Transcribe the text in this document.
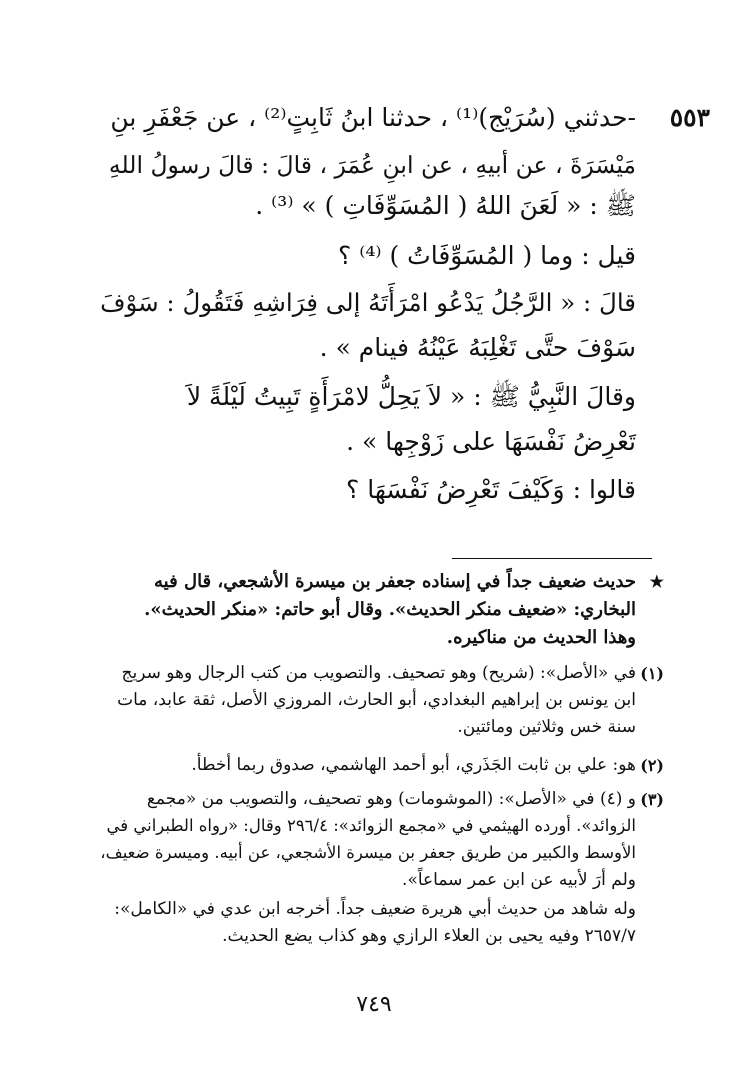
٥٥٣
-حدثني (سُرَيْج)⁽¹⁾ ، حدثنا ابنُ ثَابِتٍ⁽²⁾ ، عن جَعْفَرِ بنِ
مَيْسَرَةَ ، عن أبيهِ ، عن ابنِ عُمَرَ ، قالَ : قالَ رسولُ اللهِ
ﷺ : « لَعَنَ اللهُ ( المُسَوِّفَاتِ ) » ⁽³⁾ .
قيل : وما ( المُسَوِّفَاتُ ) ⁽⁴⁾ ؟
قالَ : « الرَّجُلُ يَدْعُو امْرَأَتَهُ إلى فِرَاشِهِ فَتَقُولُ : سَوْفَ
سَوْفَ حتَّى تَغْلِبَهُ عَيْنُهُ فينام » .
وقالَ النَّبِيُّ ﷺ : « لاَ يَحِلُّ لامْرَأَةٍ تَبِيتُ لَيْلَةً لاَ
تَعْرِضُ نَفْسَهَا على زَوْجِها » .
قالوا : وَكَيْفَ تَعْرِضُ نَفْسَهَا ؟
★
حديث ضعيف جداً في إسناده جعفر بن ميسرة الأشجعي، قال فيه
البخاري: «ضعيف منكر الحديث». وقال أبو حاتم: «منكر الحديث».
وهذا الحديث من مناكيره.
(١)
في «الأصل»: (شريح) وهو تصحيف. والتصويب من كتب الرجال وهو سريج
ابن يونس بن إبراهيم البغدادي، أبو الحارث، المروزي الأصل، ثقة عابد، مات
سنة خس وثلاثين ومائتين.
(٢)
هو: علي بن ثابت الجَذَري، أبو أحمد الهاشمي، صدوق ربما أخطأ.
(٣)
و (٤) في «الأصل»: (الموشومات) وهو تصحيف، والتصويب من «مجمع
الزوائد». أورده الهيثمي في «مجمع الزوائد»: ٢٩٦/٤ وقال: «رواه الطبراني في
الأوسط والكبير من طريق جعفر بن ميسرة الأشجعي، عن أبيه. وميسرة ضعيف،
ولم أرَ لأبيه عن ابن عمر سماعاً».
وله شاهد من حديث أبي هريرة ضعيف جداً. أخرجه ابن عدي في «الكامل»:
٢٦٥٧/٧ وفيه يحيى بن العلاء الرازي وهو كذاب يضع الحديث.
٧٤٩
